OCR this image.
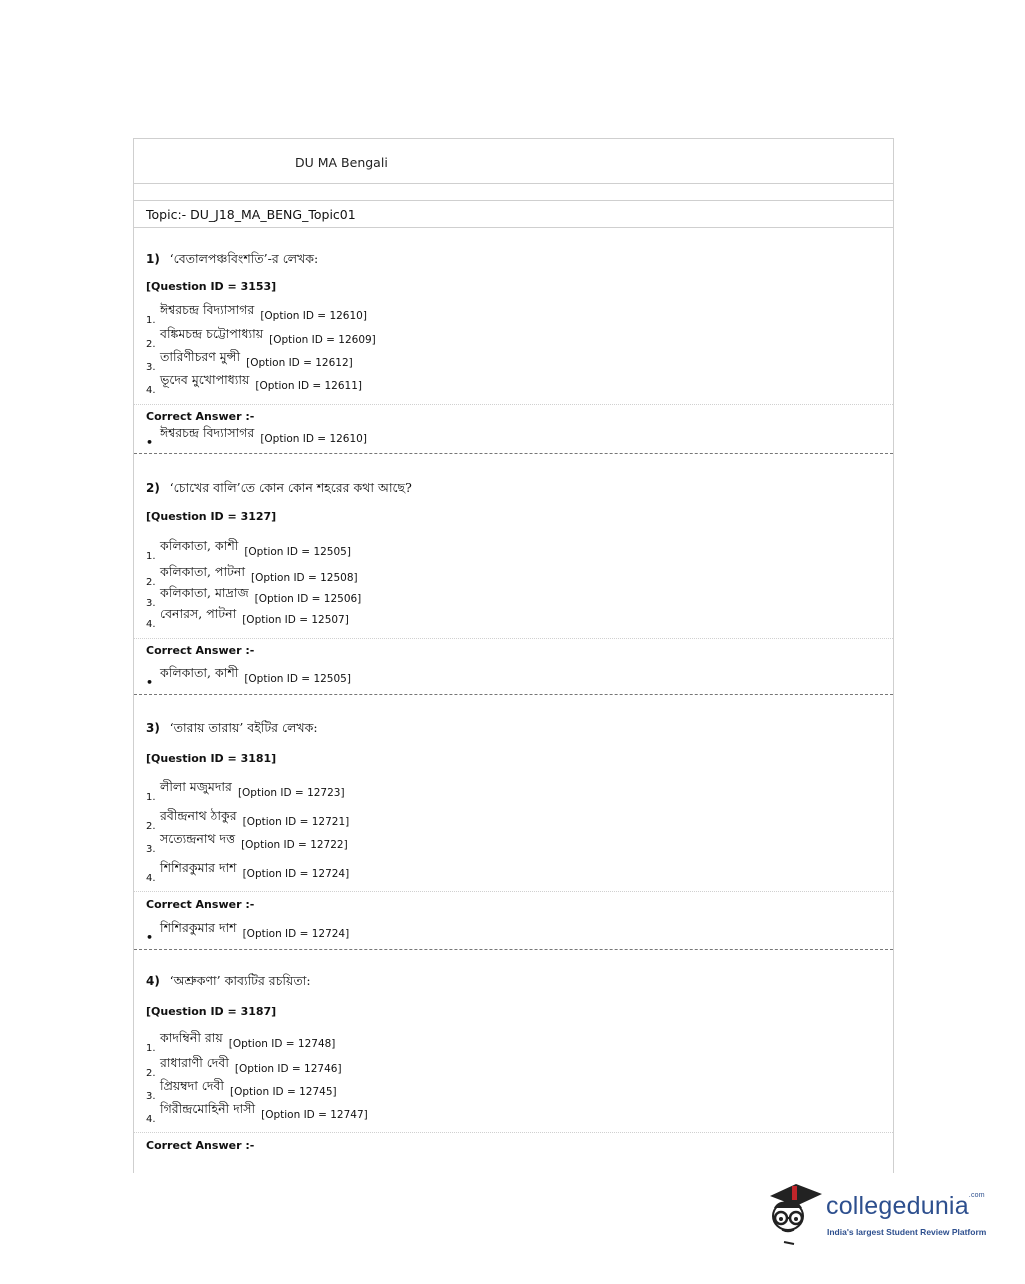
DU MA Bengali
Topic:- DU_J18_MA_BENG_Topic01
1) ‘বেতালপঞ্চবিংশতি’-র লেখক:
[Question ID = 3153]
1.ঈশ্বরচন্দ্র বিদ্যাসাগর [Option ID = 12610]
2.বঙ্কিমচন্দ্র চট্টোপাধ্যায় [Option ID = 12609]
3.তারিণীচরণ মুন্সী [Option ID = 12612]
4.ভূদেব মুখোপাধ্যায় [Option ID = 12611]
Correct Answer :-
•ঈশ্বরচন্দ্র বিদ্যাসাগর [Option ID = 12610]
2) ‘চোখের বালি’তে কোন কোন শহরের কথা আছে?
[Question ID = 3127]
1.কলিকাতা, কাশী [Option ID = 12505]
2.কলিকাতা, পাটনা [Option ID = 12508]
3.কলিকাতা, মাদ্রাজ [Option ID = 12506]
4.বেনারস, পাটনা [Option ID = 12507]
Correct Answer :-
•কলিকাতা, কাশী [Option ID = 12505]
3) ‘তারায় তারায়’ বইটির লেখক:
[Question ID = 3181]
1.লীলা মজুমদার [Option ID = 12723]
2.রবীন্দ্রনাথ ঠাকুর [Option ID = 12721]
3.সত্যেন্দ্রনাথ দত্ত [Option ID = 12722]
4.শিশিরকুমার দাশ [Option ID = 12724]
Correct Answer :-
•শিশিরকুমার দাশ [Option ID = 12724]
4) ‘অশ্রুকণা’ কাব্যটির রচয়িতা:
[Question ID = 3187]
1.কাদম্বিনী রায় [Option ID = 12748]
2.রাধারাণী দেবী [Option ID = 12746]
3.প্রিয়ম্বদা দেবী [Option ID = 12745]
4.গিরীন্দ্রমোহিনী দাসী [Option ID = 12747]
Correct Answer :-
collegedunia$^{.com}$
India's largest Student Review Platform
